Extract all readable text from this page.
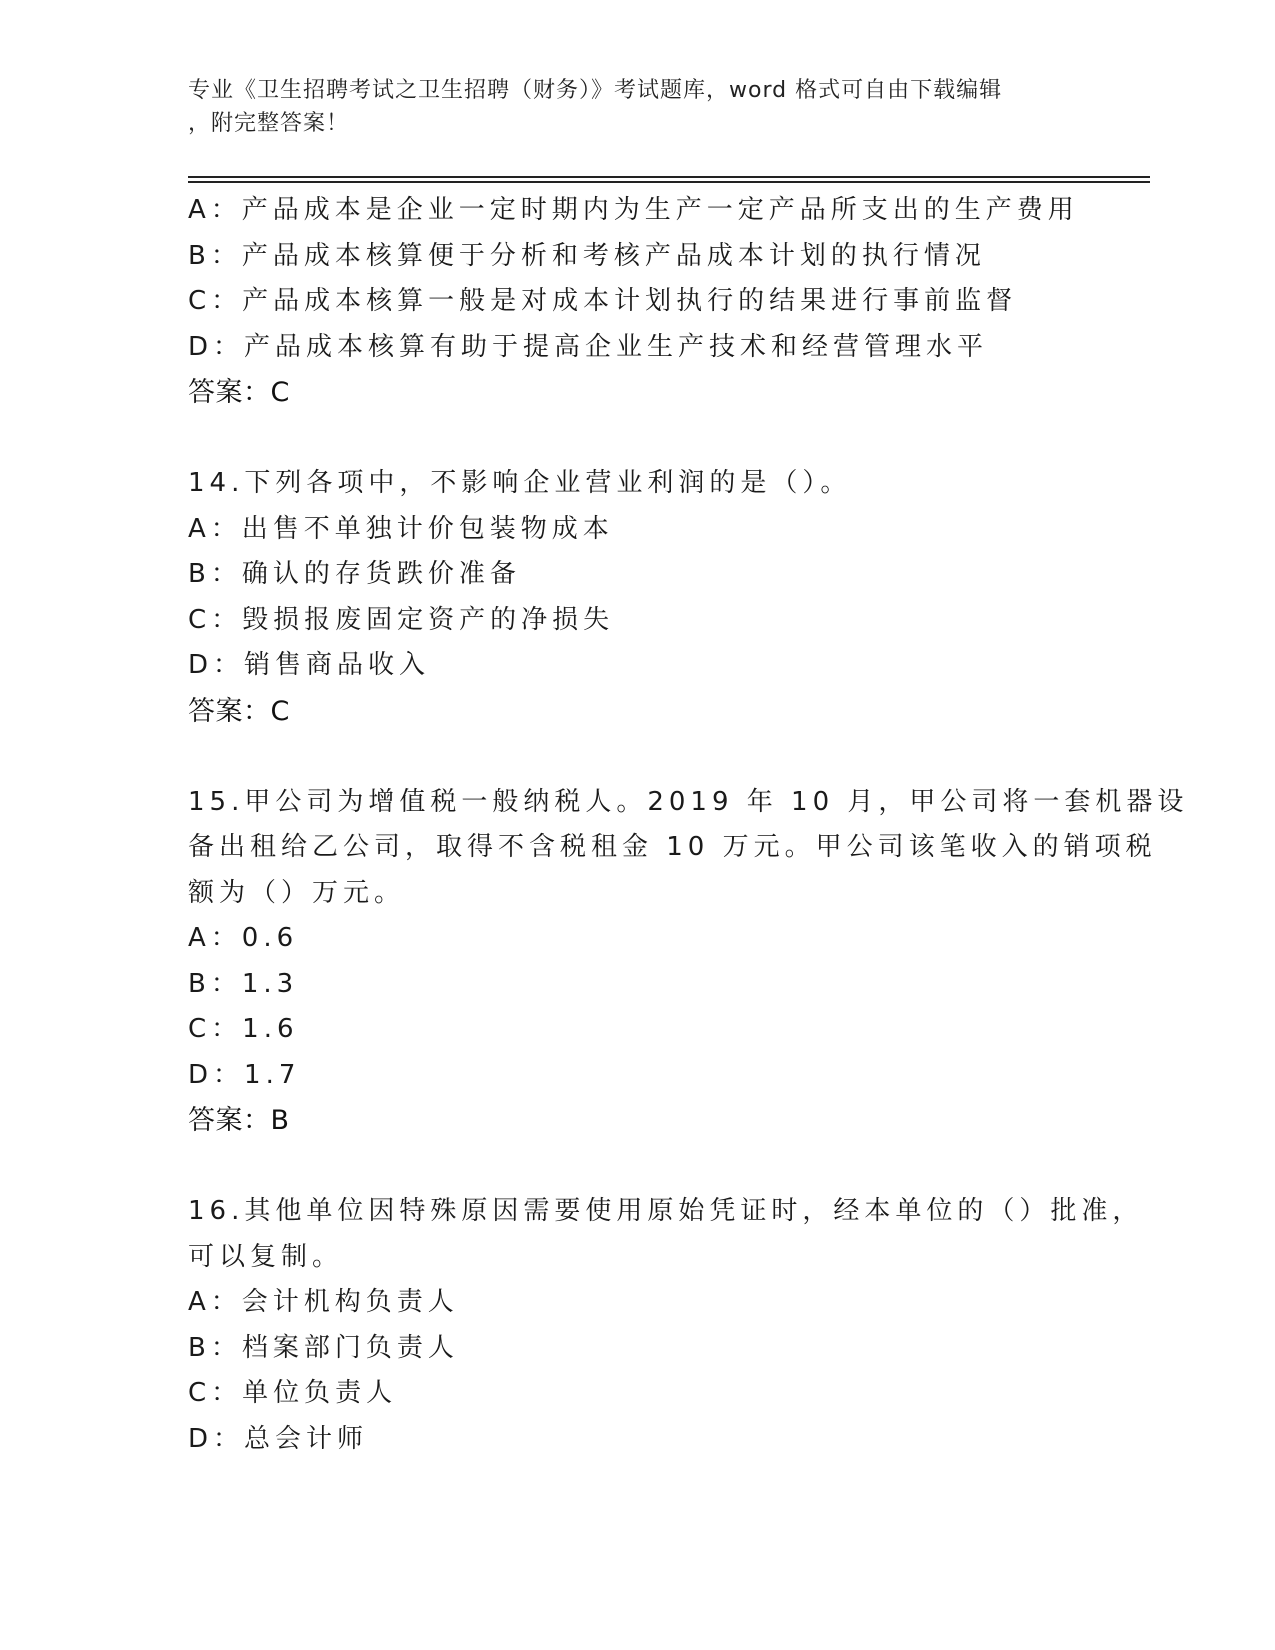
专业《卫生招聘考试之卫生招聘（财务）》考试题库，word 格式可自由下载编辑
，附完整答案！
A：产品成本是企业一定时期内为生产一定产品所支出的生产费用
B：产品成本核算便于分析和考核产品成本计划的执行情况
C：产品成本核算一般是对成本计划执行的结果进行事前监督
D：产品成本核算有助于提高企业生产技术和经营管理水平
答案：C
14.下列各项中，不影响企业营业利润的是（）。
A：出售不单独计价包装物成本
B：确认的存货跌价准备
C：毁损报废固定资产的净损失
D：销售商品收入
答案：C
15.甲公司为增值税一般纳税人。2019 年 10 月，甲公司将一套机器设
备出租给乙公司，取得不含税租金 10 万元。甲公司该笔收入的销项税
额为（）万元。
A：0.6
B：1.3
C：1.6
D：1.7
答案：B
16.其他单位因特殊原因需要使用原始凭证时，经本单位的（）批准，
可以复制。
A：会计机构负责人
B：档案部门负责人
C：单位负责人
D：总会计师
